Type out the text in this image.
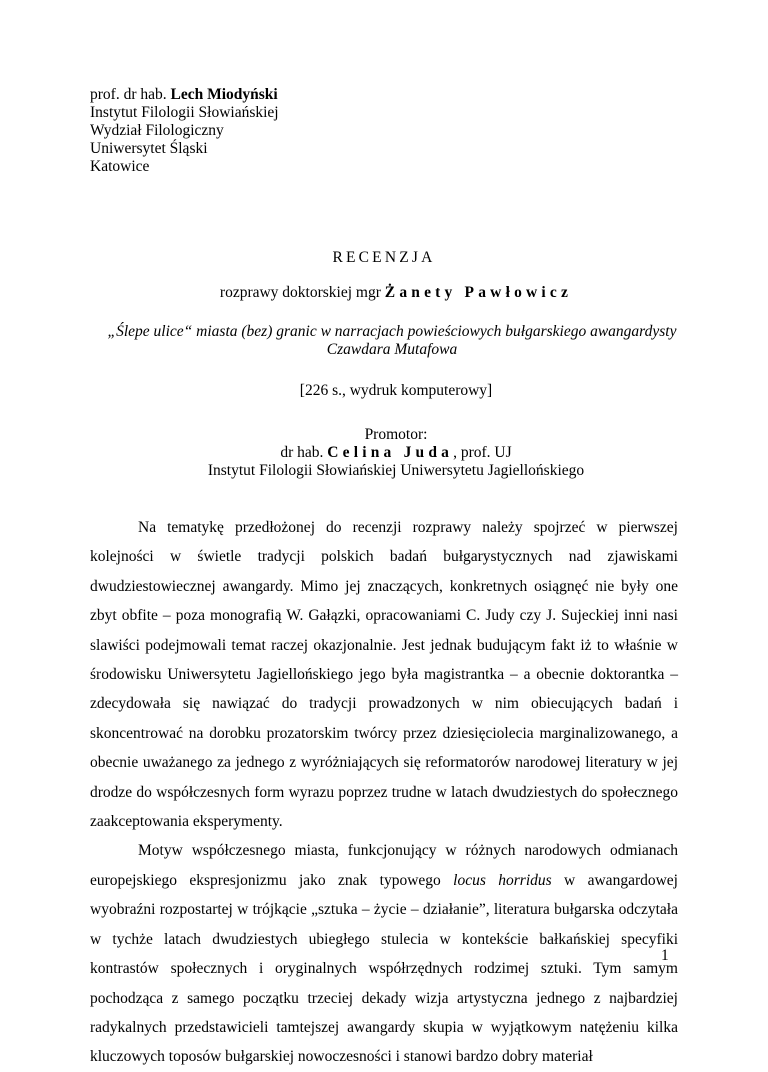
prof. dr hab. Lech Miodyński
Instytut Filologii Słowiańskiej
Wydział Filologiczny
Uniwersytet Śląski
Katowice
RECENZJA
rozprawy doktorskiej mgr Żanety Pawłowicz
„Ślepe ulice“ miasta (bez) granic w narracjach powieściowych bułgarskiego awangardysty
Czawdara Mutafowa
[226 s., wydruk komputerowy]
Promotor:
dr hab. Celina Juda, prof. UJ
Instytut Filologii Słowiańskiej Uniwersytetu Jagiellońskiego

Na tematykę przedłożonej do recenzji rozprawy należy spojrzeć w pierwszej kolejności w świetle tradycji polskich badań bułgarystycznych nad zjawiskami dwudziestowiecznej awangardy. Mimo jej znaczących, konkretnych osiągnęć nie były one zbyt obfite – poza monografią W. Gałązki, opracowaniami C. Judy czy J. Sujeckiej inni nasi slawiści podejmowali temat raczej okazjonalnie. Jest jednak budującym fakt iż to właśnie w środowisku Uniwersytetu Jagiellońskiego jego była magistrantka – a obecnie doktorantka – zdecydowała się nawiązać do tradycji prowadzonych w nim obiecujących badań i skoncentrować na dorobku prozatorskim twórcy przez dziesięciolecia marginalizowanego, a obecnie uważanego za jednego z wyróżniających się reformatorów narodowej literatury w jej drodze do współczesnych form wyrazu poprzez trudne w latach dwudziestych do społecznego zaakceptowania eksperymenty.

Motyw współczesnego miasta, funkcjonujący w różnych narodowych odmianach europejskiego ekspresjonizmu jako znak typowego locus horridus w awangardowej wyobraźni rozpostartej w trójkącie „sztuka – życie – działanie”, literatura bułgarska odczytała w tychże latach dwudziestych ubiegłego stulecia w kontekście bałkańskiej specyfiki kontrastów społecznych i oryginalnych współrzędnych rodzimej sztuki. Tym samym pochodząca z samego początku trzeciej dekady wizja artystyczna jednego z najbardziej radykalnych przedstawicieli tamtejszej awangardy skupia w wyjątkowym natężeniu kilka kluczowych toposów bułgarskiej nowoczesności i stanowi bardzo dobry materiał

1
